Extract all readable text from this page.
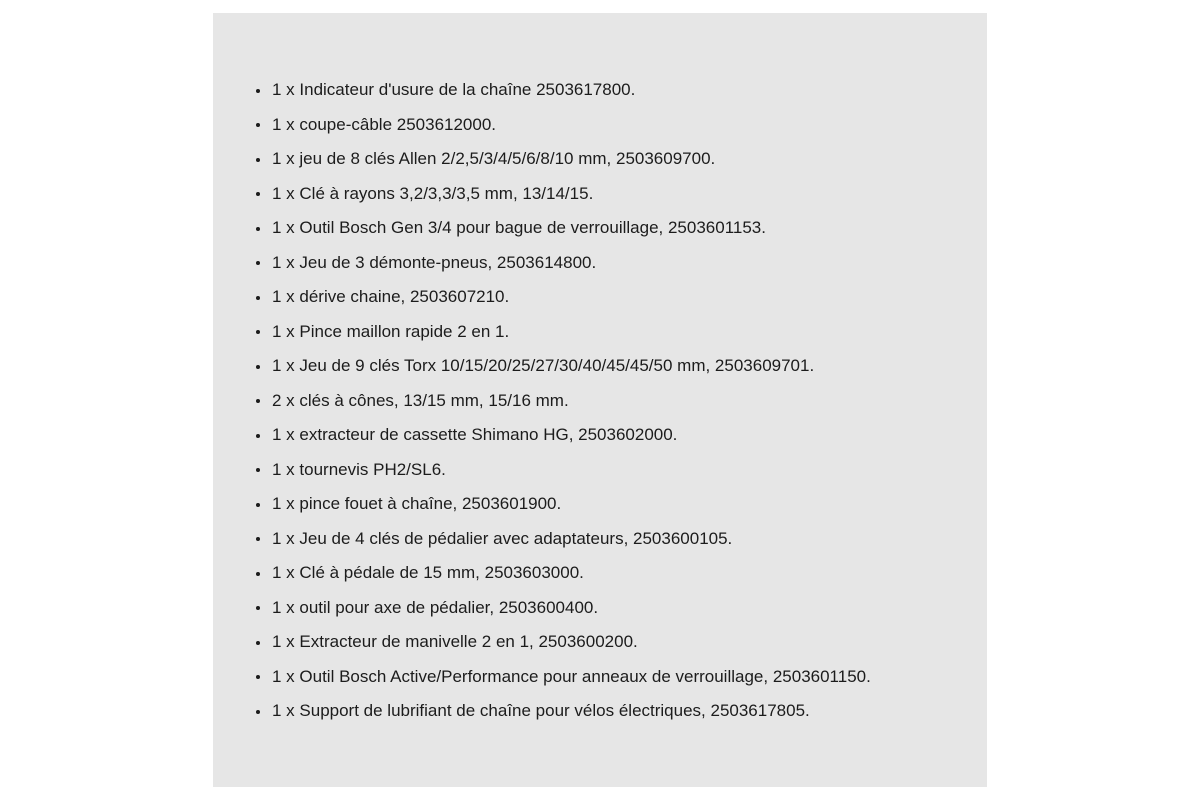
1 x Indicateur d'usure de la chaîne 2503617800.
1 x coupe-câble 2503612000.
1 x jeu de 8 clés Allen 2/2,5/3/4/5/6/8/10 mm, 2503609700.
1 x Clé à rayons 3,2/3,3/3,5 mm, 13/14/15.
1 x Outil Bosch Gen 3/4 pour bague de verrouillage, 2503601153.
1 x Jeu de 3 démonte-pneus, 2503614800.
1 x dérive chaine, 2503607210.
1 x Pince maillon rapide 2 en 1.
1 x Jeu de 9 clés Torx 10/15/20/25/27/30/40/45/45/50 mm, 2503609701.
2 x clés à cônes, 13/15 mm, 15/16 mm.
1 x extracteur de cassette Shimano HG, 2503602000.
1 x tournevis PH2/SL6.
1 x pince fouet à chaîne, 2503601900.
1 x Jeu de 4 clés de pédalier avec adaptateurs, 2503600105.
1 x Clé à pédale de 15 mm, 2503603000.
1 x outil pour axe de pédalier, 2503600400.
1 x Extracteur de manivelle 2 en 1, 2503600200.
1 x Outil Bosch Active/Performance pour anneaux de verrouillage, 2503601150.
1 x Support de lubrifiant de chaîne pour vélos électriques, 2503617805.
